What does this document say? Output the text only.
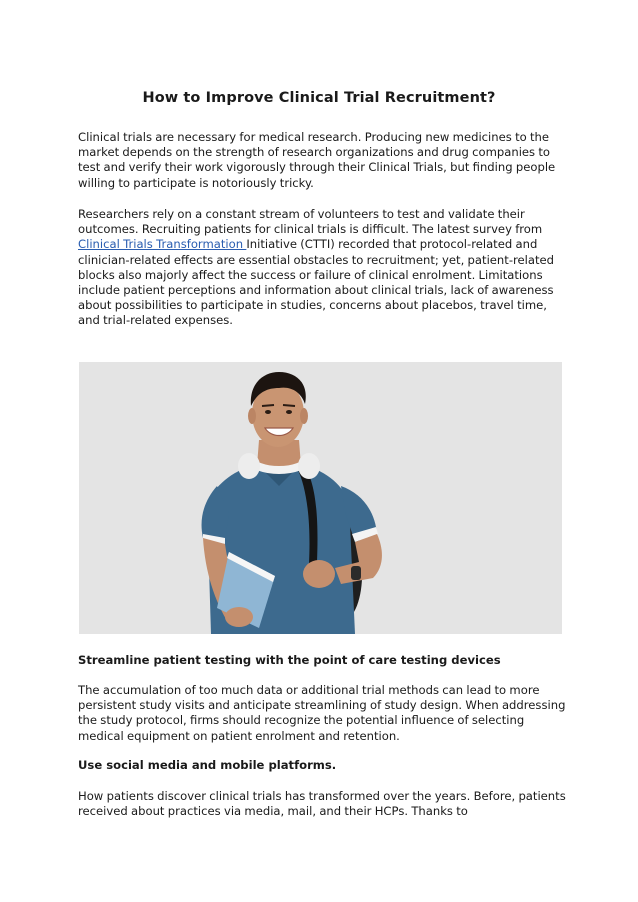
How to Improve Clinical Trial Recruitment?

Clinical trials are necessary for medical research. Producing new medicines to the market depends on the strength of research organizations and drug companies to test and verify their work vigorously through their Clinical Trials, but finding people willing to participate is notoriously tricky.

Researchers rely on a constant stream of volunteers to test and validate their outcomes. Recruiting patients for clinical trials is difficult. The latest survey from Clinical Trials Transformation Initiative (CTTI) recorded that protocol-related and clinician-related effects are essential obstacles to recruitment; yet, patient-related blocks also majorly affect the success or failure of clinical enrolment. Limitations include patient perceptions and information about clinical trials, lack of awareness about possibilities to participate in studies, concerns about placebos, travel time, and trial-related expenses.

Streamline patient testing with the point of care testing devices

The accumulation of too much data or additional trial methods can lead to more persistent study visits and anticipate streamlining of study design. When addressing the study protocol, firms should recognize the potential influence of selecting medical equipment on patient enrolment and retention.

Use social media and mobile platforms.

How patients discover clinical trials has transformed over the years. Before, patients received about practices via media, mail, and their HCPs. Thanks to
